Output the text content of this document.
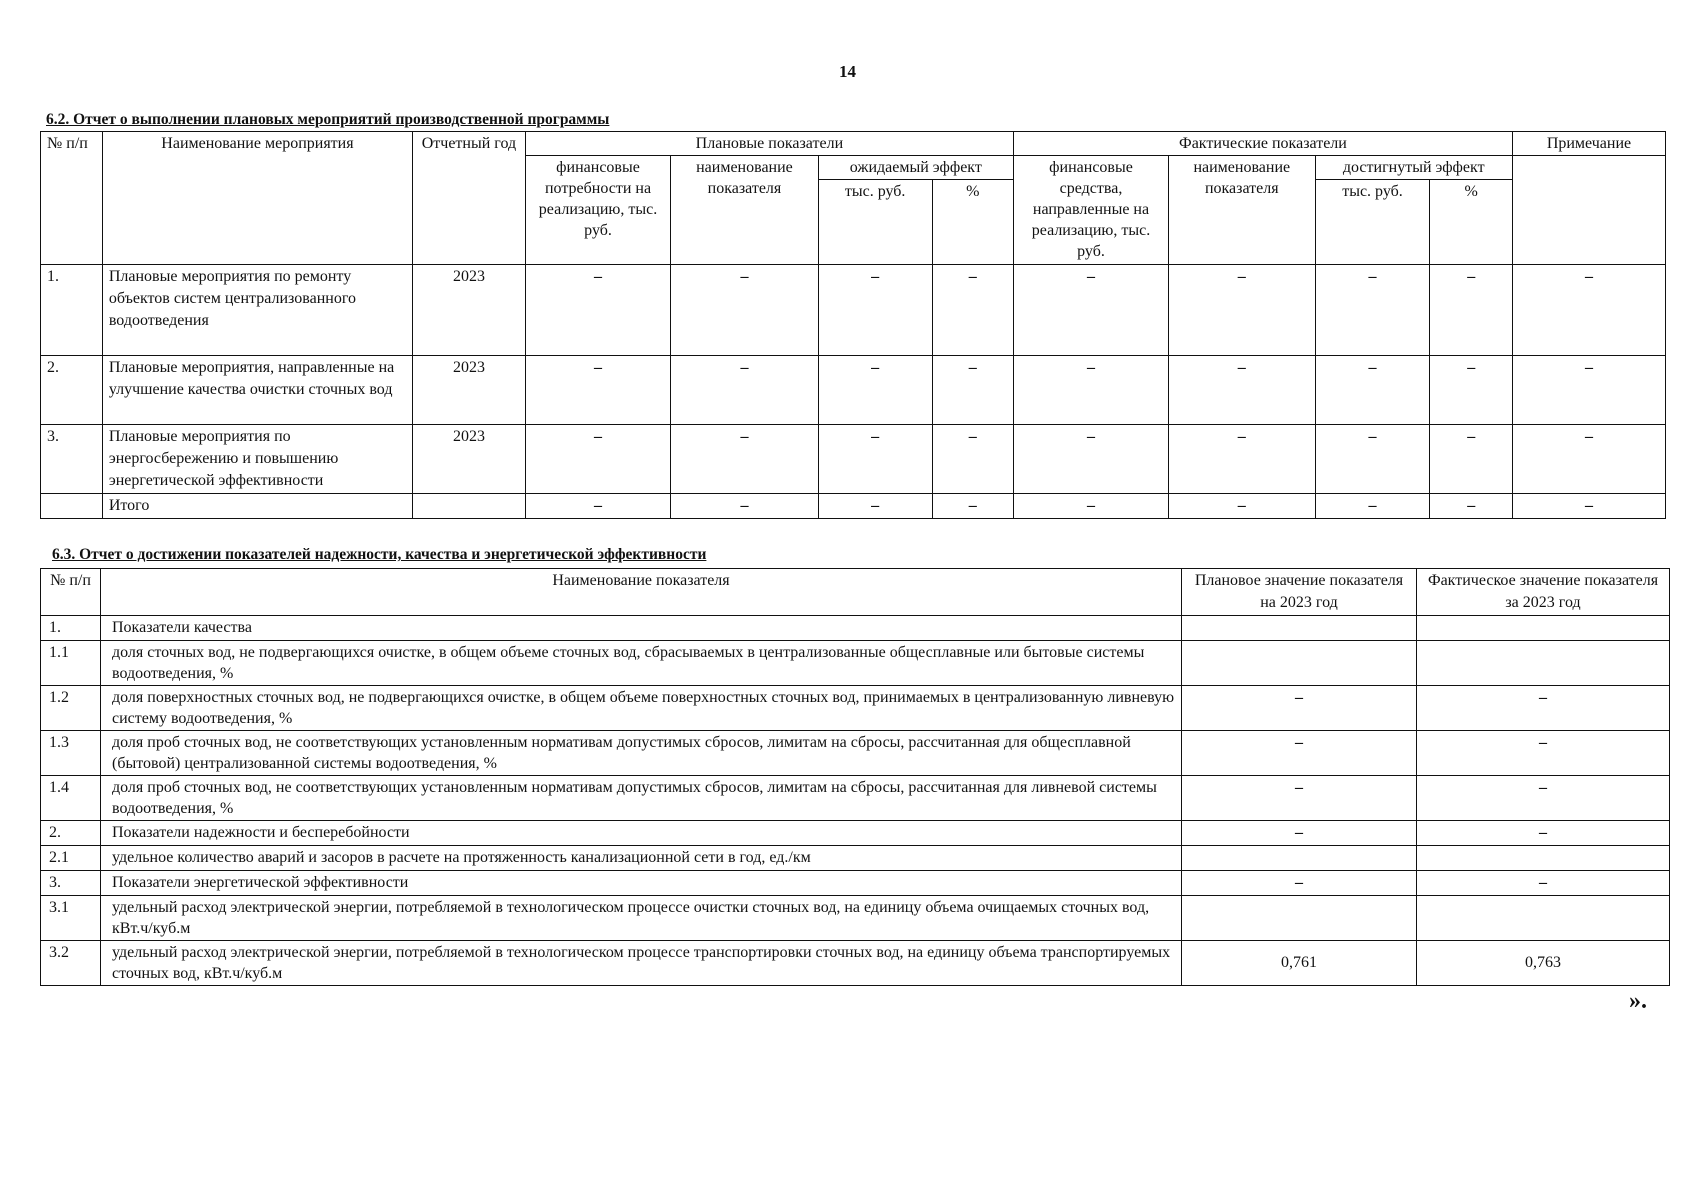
14
6.2. Отчет о выполнении плановых мероприятий производственной программы
№ п/п	Наименование мероприятия	Отчетный год	Плановые показатели				Фактические показатели				Примечание
			финансовые потребности на реализацию, тыс. руб.	наименование показателя	ожидаемый эффект		финансовые средства, направленные на реализацию, тыс. руб.	наименование показателя	достигнутый эффект		
					тыс. руб.	%			тыс. руб.	%	
1.	Плановые мероприятия по ремонту объектов систем централизованного водоотведения	2023	–	–	–	–	–	–	–	–	–
2.	Плановые мероприятия, направленные на улучшение качества очистки сточных вод	2023	–	–	–	–	–	–	–	–	–
3.	Плановые мероприятия по энергосбережению и повышению энергетической эффективности	2023	–	–	–	–	–	–	–	–	–
	Итого		–	–	–	–	–	–	–	–	–
6.3. Отчет о достижении показателей надежности, качества и энергетической эффективности
№ п/п	Наименование показателя	Плановое значение показателя на 2023 год	Фактическое значение показателя за 2023 год
1.	Показатели качества		
1.1	доля сточных вод, не подвергающихся очистке, в общем объеме сточных вод, сбрасываемых в централизованные общесплавные или бытовые системы водоотведения, %		
1.2	доля поверхностных сточных вод, не подвергающихся очистке, в общем объеме поверхностных сточных вод, принимаемых в централизованную ливневую систему водоотведения, %	–	–
1.3	доля проб сточных вод, не соответствующих установленным нормативам допустимых сбросов, лимитам на сбросы, рассчитанная для общесплавной (бытовой) централизованной системы водоотведения, %	–	–
1.4	доля проб сточных вод, не соответствующих установленным нормативам допустимых сбросов, лимитам на сбросы, рассчитанная для ливневой системы водоотведения, %	–	–
2.	Показатели надежности и бесперебойности	–	–
2.1	удельное количество аварий и засоров в расчете на протяженность канализационной сети в год, ед./км		
3.	Показатели энергетической эффективности	–	–
3.1	удельный расход электрической энергии, потребляемой в технологическом процессе очистки сточных вод, на единицу объема очищаемых сточных вод, кВт.ч/куб.м		
3.2	удельный расход электрической энергии, потребляемой в технологическом процессе транспортировки сточных вод, на единицу объема транспортируемых сточных вод, кВт.ч/куб.м	0,761	0,763
».
